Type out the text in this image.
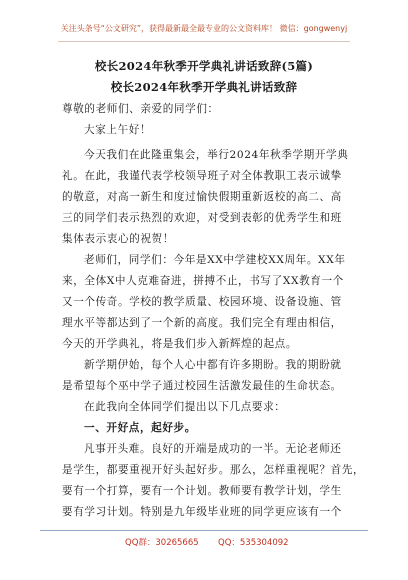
关注头条号“公文研究”，获得最新最全最专业的公文资料库！ 微信：gongwenyj
校长2024年秋季开学典礼讲话致辞(5篇)
校长2024年秋季开学典礼讲话致辞
尊敬的老师们、亲爱的同学们：
大家上午好！
今天我们在此隆重集会，举行2024年秋季学期开学典
礼。在此，我谨代表学校领导班子对全体教职工表示诚挚
的敬意，对高一新生和度过愉快假期重新返校的高二、高
三的同学们表示热烈的欢迎，对受到表彰的优秀学生和班
集体表示衷心的祝贺！
老师们，同学们：今年是XX中学建校XX周年。XX年
来，全体X中人克难奋进，拼搏不止，书写了XX教育一个
又一个传奇。学校的教学质量、校园环境、设备设施、管
理水平等都达到了一个新的高度。我们完全有理由相信，
今天的开学典礼，将是我们步入新辉煌的起点。
新学期伊始，每个人心中都有许多期盼。我的期盼就
是希望每个巫中学子通过校园生活激发最佳的生命状态。
在此我向全体同学们提出以下几点要求：
一、开好点，起好步。
凡事开头难。良好的开端是成功的一半。无论老师还
是学生，都要重视开好头起好步。那么，怎样重视呢？首先，
要有一个打算，要有一个计划。教师要有教学计划，学生
要有学习计划。特别是九年级毕业班的同学更应该有一个
QQ群：30265665 QQ：535304092
